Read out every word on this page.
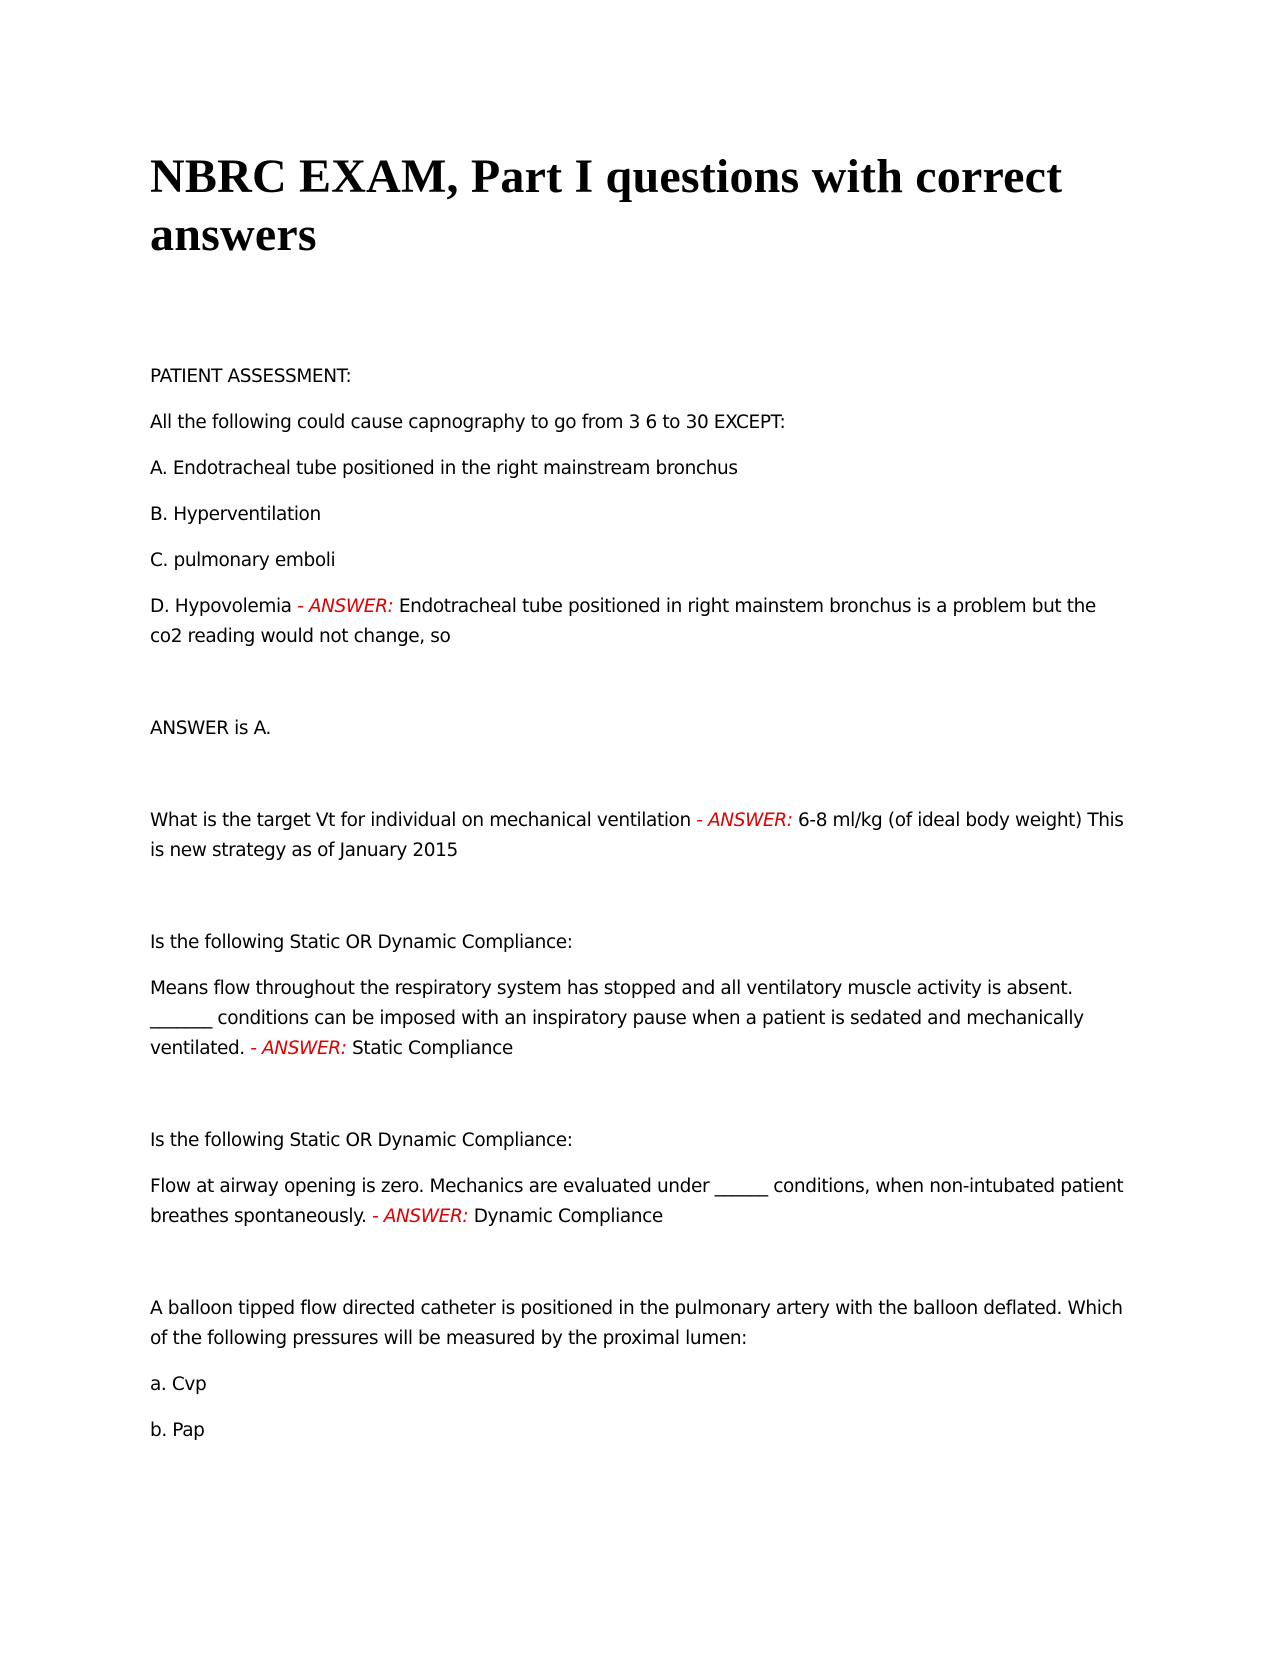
NBRC EXAM, Part I questions with correct answers

PATIENT ASSESSMENT:

All the following could cause capnography to go from 3 6 to 30 EXCEPT:

A. Endotracheal tube positioned in the right mainstream bronchus

B. Hyperventilation

C. pulmonary emboli

D. Hypovolemia - ANSWER: Endotracheal tube positioned in right mainstem bronchus is a problem but the co2 reading would not change, so

ANSWER is A.

What is the target Vt for individual on mechanical ventilation - ANSWER: 6-8 ml/kg (of ideal body weight) This is new strategy as of January 2015

Is the following Static OR Dynamic Compliance:

Means flow throughout the respiratory system has stopped and all ventilatory muscle activity is absent. _______ conditions can be imposed with an inspiratory pause when a patient is sedated and mechanically ventilated. - ANSWER: Static Compliance

Is the following Static OR Dynamic Compliance:

Flow at airway opening is zero. Mechanics are evaluated under ______ conditions, when non-intubated patient breathes spontaneously. - ANSWER: Dynamic Compliance

A balloon tipped flow directed catheter is positioned in the pulmonary artery with the balloon deflated. Which of the following pressures will be measured by the proximal lumen:

a. Cvp

b. Pap
